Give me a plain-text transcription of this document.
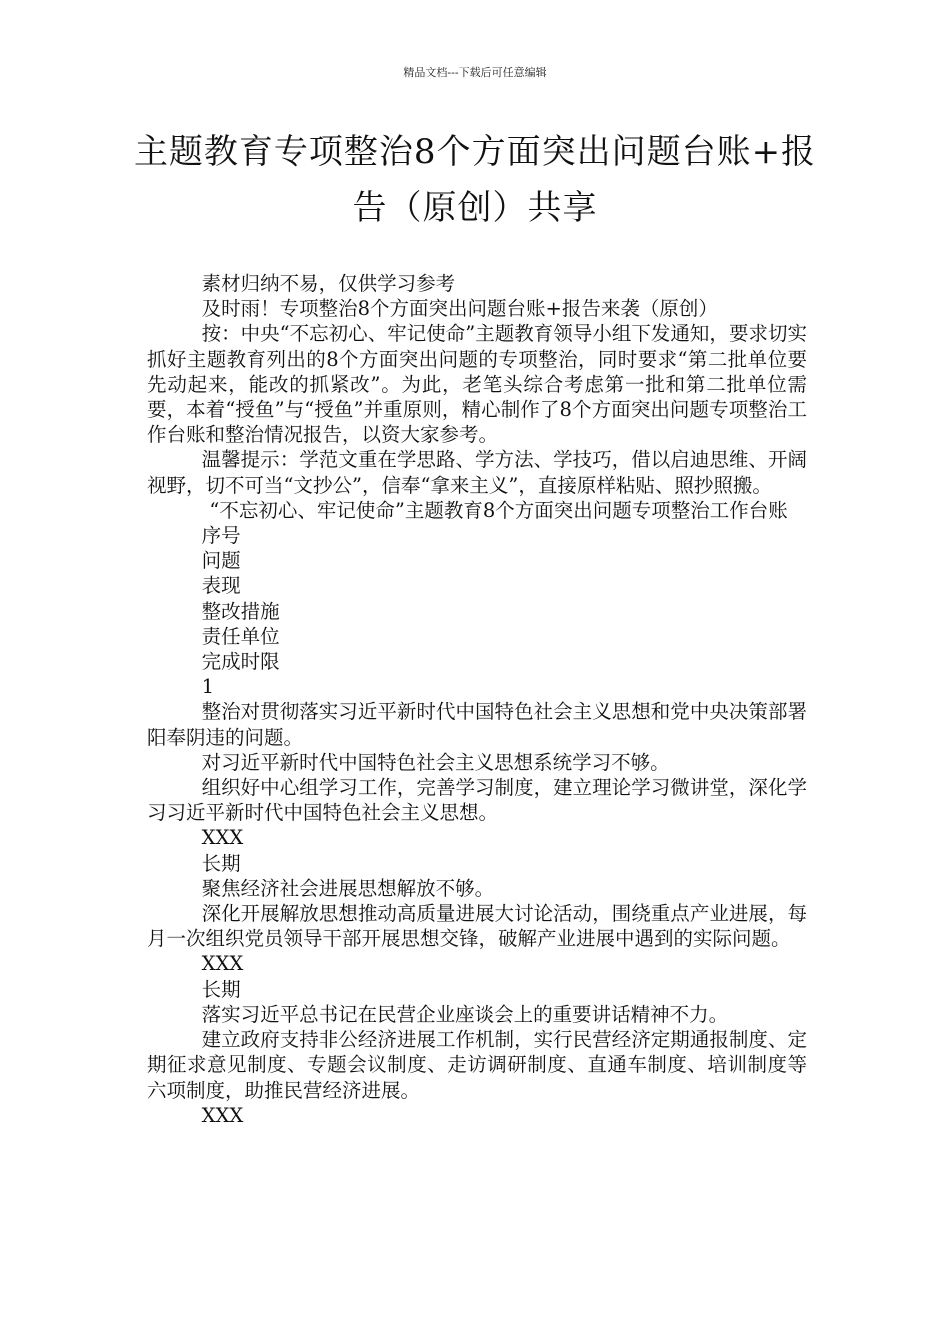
精品文档---下载后可任意编辑
主题教育专项整治8个方面突出问题台账+报告（原创）共享

素材归纳不易，仅供学习参考

及时雨！专项整治8个方面突出问题台账+报告来袭（原创）

按：中央“不忘初心、牢记使命”主题教育领导小组下发通知，要求切实抓好主题教育列出的8个方面突出问题的专项整治，同时要求“第二批单位要先动起来，能改的抓紧改”。为此，老笔头综合考虑第一批和第二批单位需要，本着“授鱼”与“授鱼”并重原则，精心制作了8个方面突出问题专项整治工作台账和整治情况报告，以资大家参考。

温馨提示：学范文重在学思路、学方法、学技巧，借以启迪思维、开阔视野，切不可当“文抄公”，信奉“拿来主义”，直接原样粘贴、照抄照搬。

“不忘初心、牢记使命”主题教育8个方面突出问题专项整治工作台账

序号

问题

表现

整改措施

责任单位

完成时限

1

整治对贯彻落实习近平新时代中国特色社会主义思想和党中央决策部署阳奉阴违的问题。

对习近平新时代中国特色社会主义思想系统学习不够。

组织好中心组学习工作，完善学习制度，建立理论学习微讲堂，深化学习习近平新时代中国特色社会主义思想。

XXX

长期

聚焦经济社会进展思想解放不够。

深化开展解放思想推动高质量进展大讨论活动，围绕重点产业进展，每月一次组织党员领导干部开展思想交锋，破解产业进展中遇到的实际问题。

XXX

长期

落实习近平总书记在民营企业座谈会上的重要讲话精神不力。

建立政府支持非公经济进展工作机制，实行民营经济定期通报制度、定期征求意见制度、专题会议制度、走访调研制度、直通车制度、培训制度等六项制度，助推民营经济进展。

XXX
